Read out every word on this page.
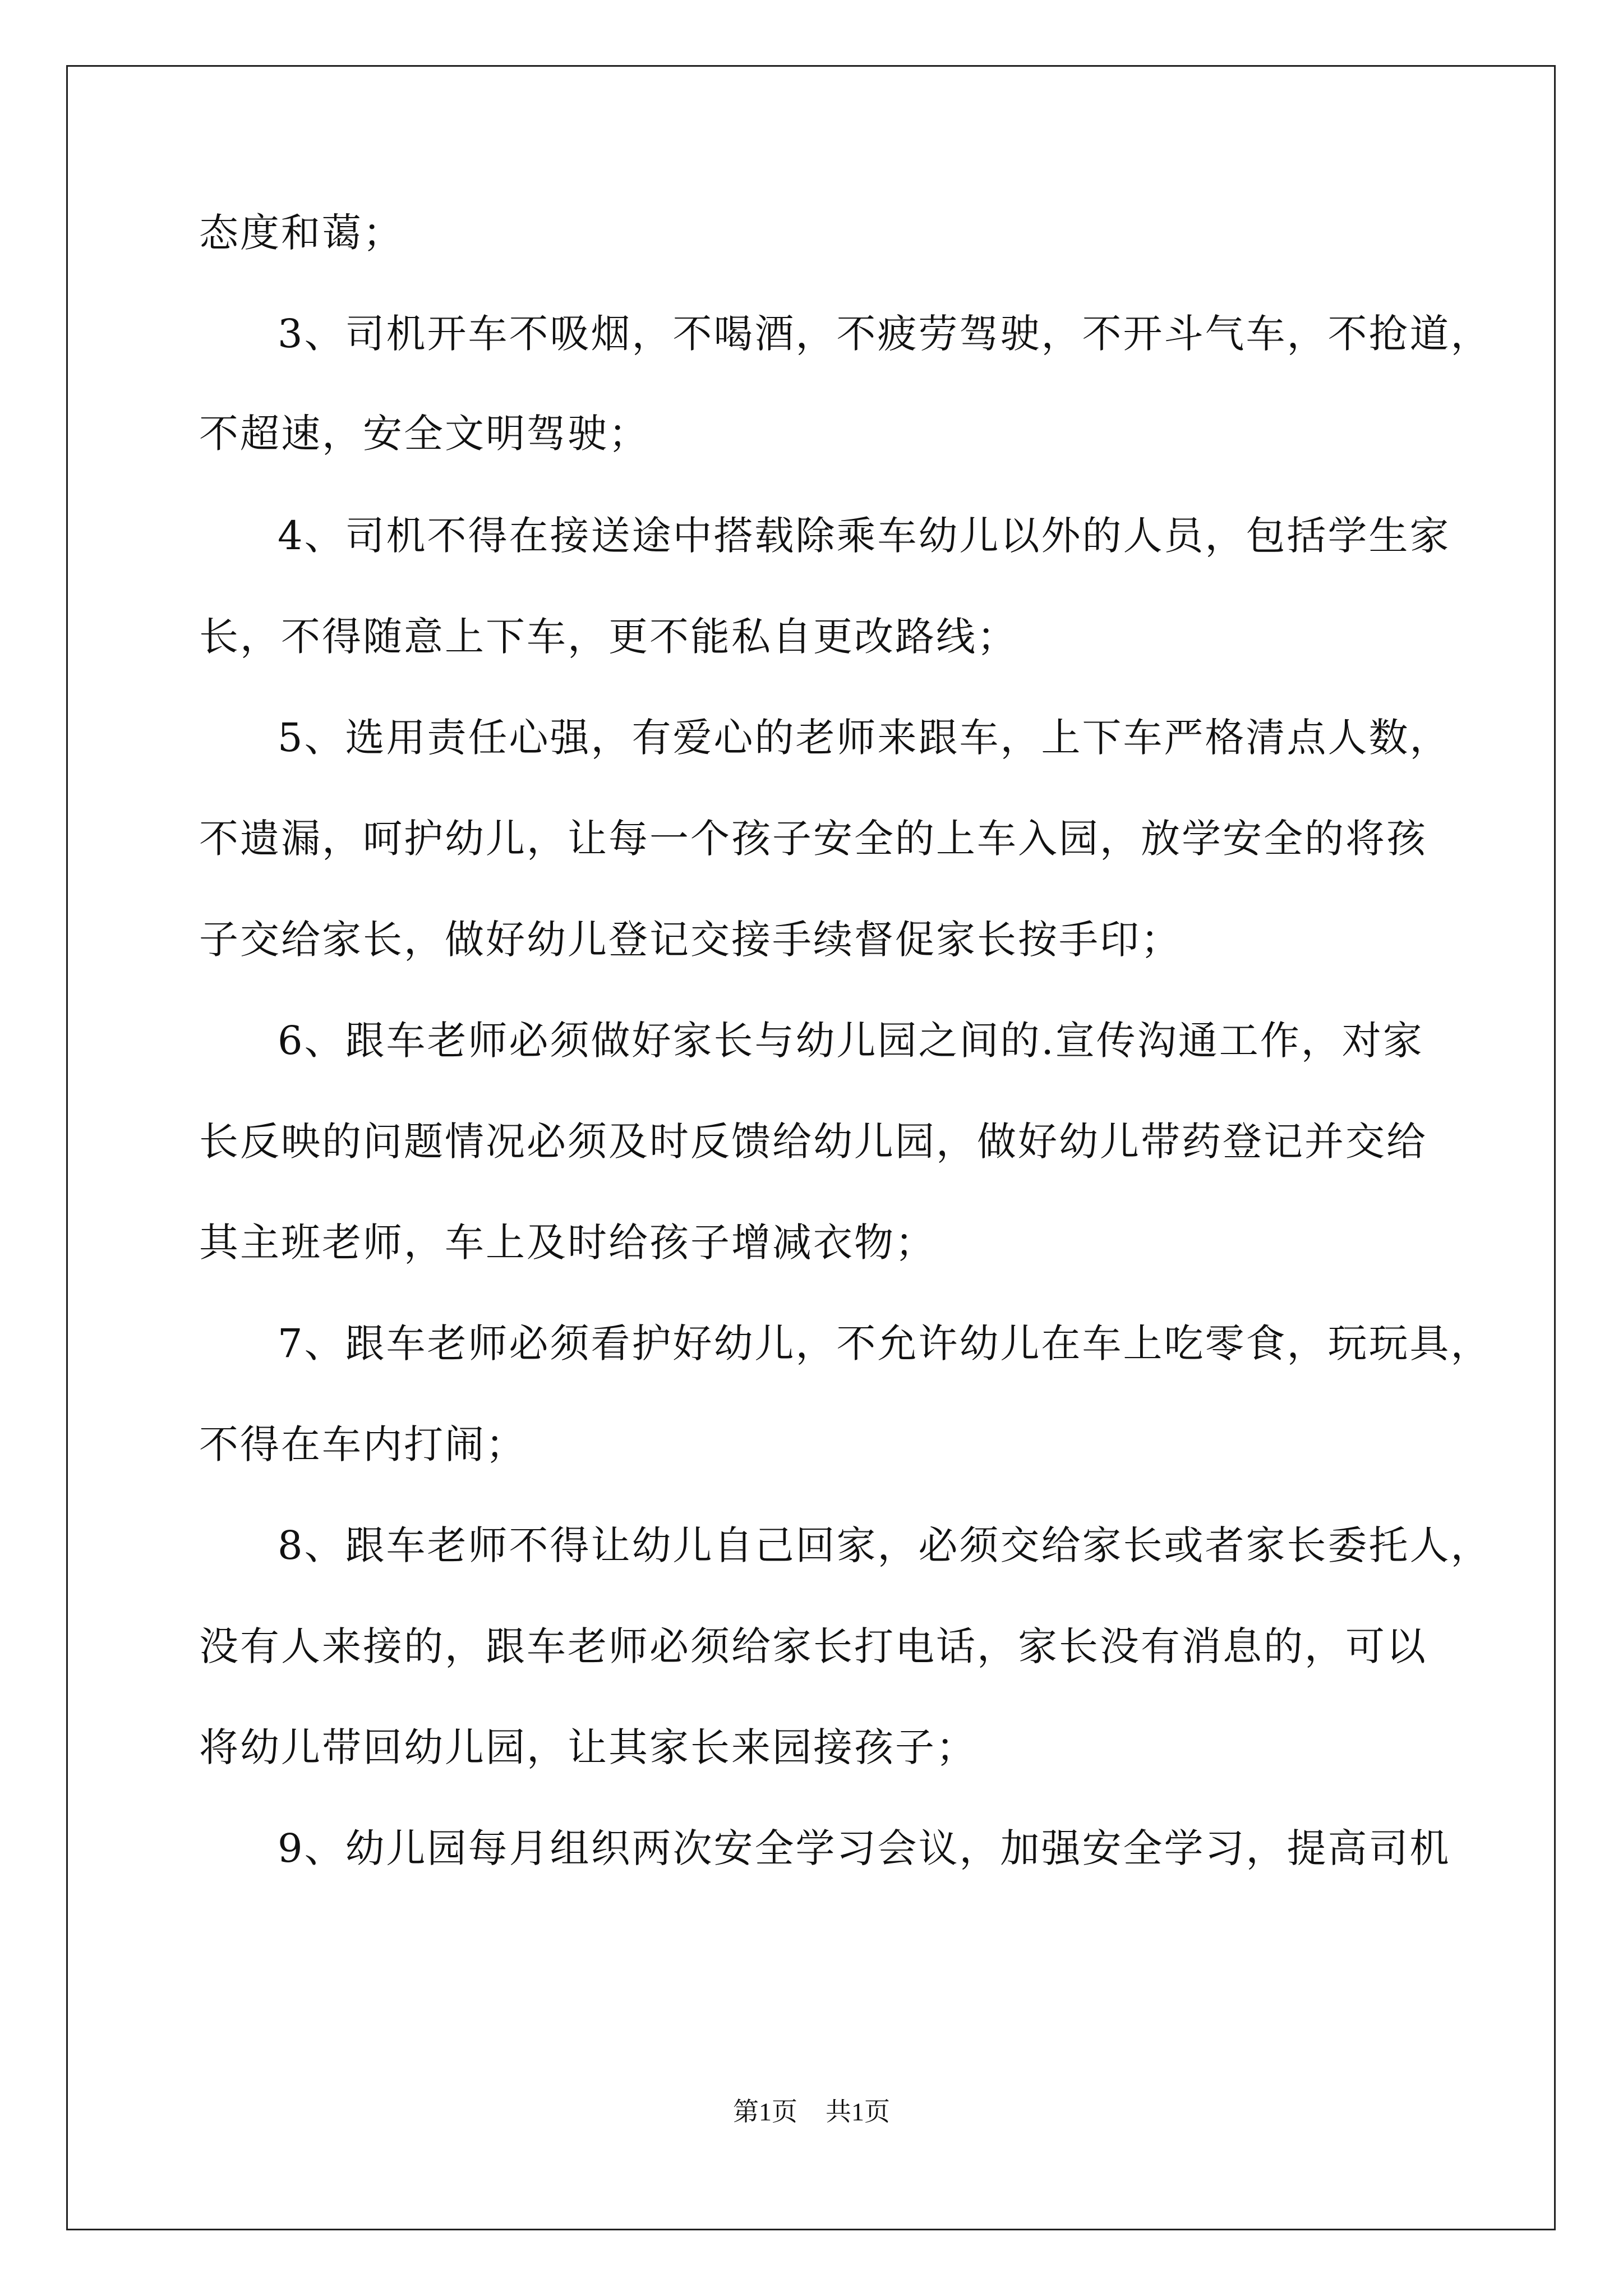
态度和蔼；
3、司机开车不吸烟，不喝酒，不疲劳驾驶，不开斗气车，不抢道，
不超速，安全文明驾驶；
4、司机不得在接送途中搭载除乘车幼儿以外的人员，包括学生家
长，不得随意上下车，更不能私自更改路线；
5、选用责任心强，有爱心的老师来跟车，上下车严格清点人数，
不遗漏，呵护幼儿，让每一个孩子安全的上车入园，放学安全的将孩
子交给家长，做好幼儿登记交接手续督促家长按手印；
6、跟车老师必须做好家长与幼儿园之间的.宣传沟通工作，对家
长反映的问题情况必须及时反馈给幼儿园，做好幼儿带药登记并交给
其主班老师，车上及时给孩子增减衣物；
7、跟车老师必须看护好幼儿，不允许幼儿在车上吃零食，玩玩具，
不得在车内打闹；
8、跟车老师不得让幼儿自己回家，必须交给家长或者家长委托人，
没有人来接的，跟车老师必须给家长打电话，家长没有消息的，可以
将幼儿带回幼儿园，让其家长来园接孩子；
9、幼儿园每月组织两次安全学习会议，加强安全学习，提高司机
第1页 共1页
